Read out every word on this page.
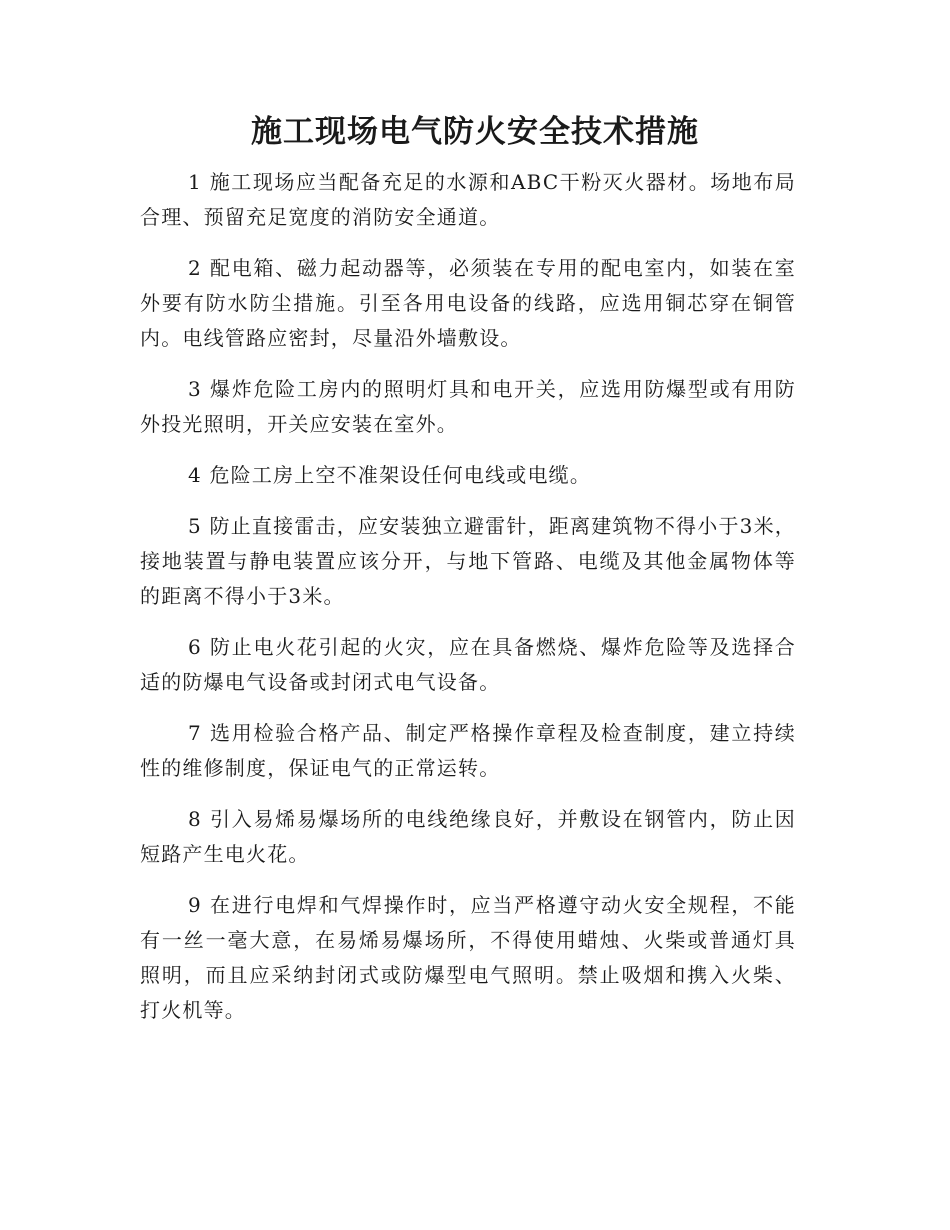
施工现场电气防火安全技术措施

1 施工现场应当配备充足的水源和ABC干粉灭火器材。场地布局合理、预留充足宽度的消防安全通道。

2 配电箱、磁力起动器等，必须装在专用的配电室内，如装在室外要有防水防尘措施。引至各用电设备的线路，应选用铜芯穿在铜管内。电线管路应密封，尽量沿外墙敷设。

3 爆炸危险工房内的照明灯具和电开关，应选用防爆型或有用防外投光照明，开关应安装在室外。

4 危险工房上空不准架设任何电线或电缆。

5 防止直接雷击，应安装独立避雷针，距离建筑物不得小于3米，接地装置与静电装置应该分开，与地下管路、电缆及其他金属物体等的距离不得小于3米。

6 防止电火花引起的火灾，应在具备燃烧、爆炸危险等及选择合适的防爆电气设备或封闭式电气设备。

7 选用检验合格产品、制定严格操作章程及检查制度，建立持续性的维修制度，保证电气的正常运转。

8 引入易烯易爆场所的电线绝缘良好，并敷设在钢管内，防止因短路产生电火花。

9 在进行电焊和气焊操作时，应当严格遵守动火安全规程，不能有一丝一毫大意，在易烯易爆场所，不得使用蜡烛、火柴或普通灯具照明，而且应采纳封闭式或防爆型电气照明。禁止吸烟和携入火柴、打火机等。
